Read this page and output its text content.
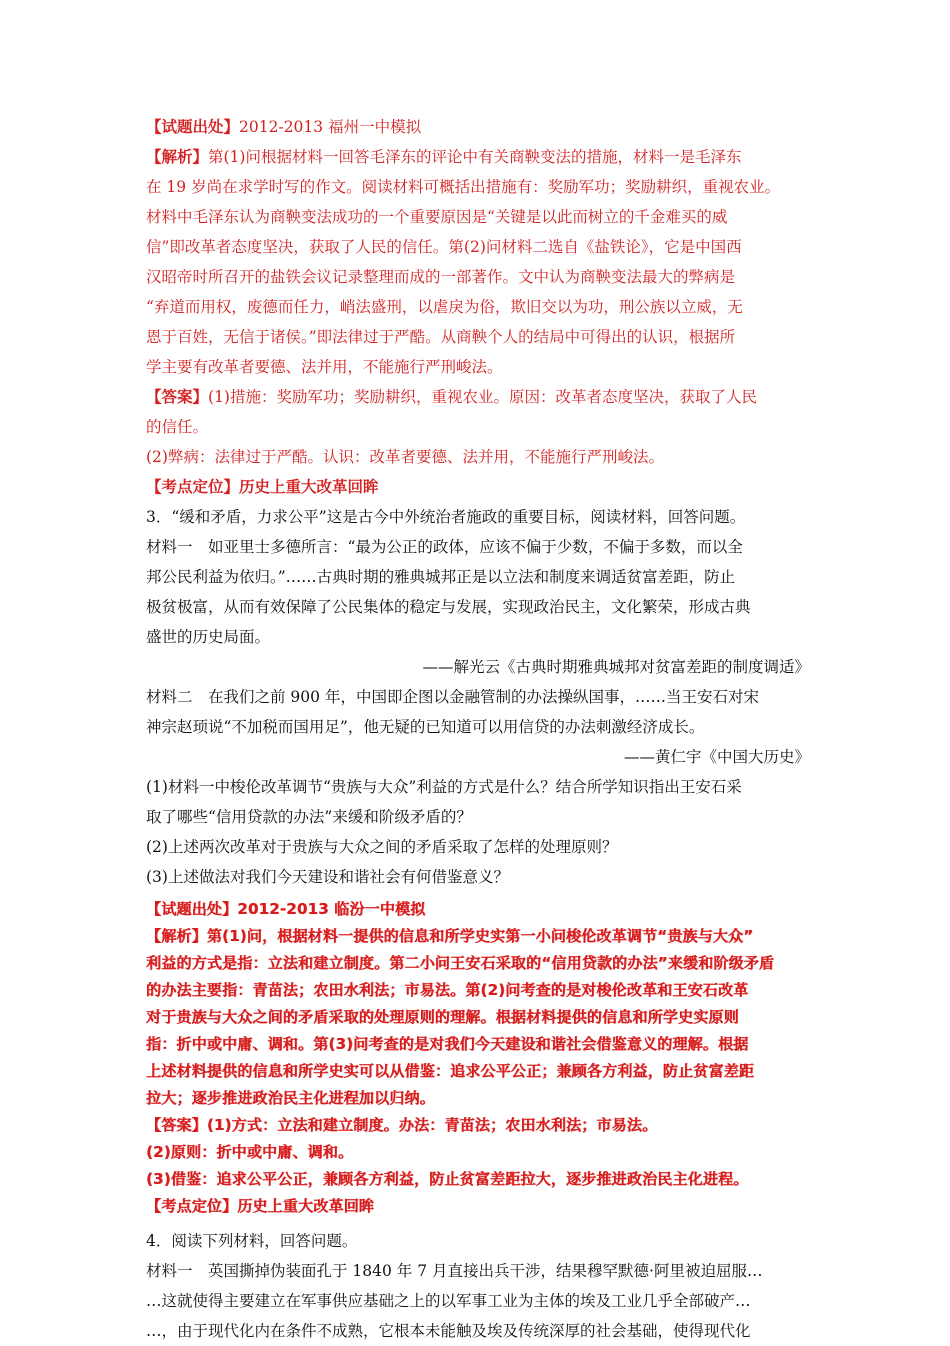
【试题出处】2012-2013 福州一中模拟
【解析】第(1)问根据材料一回答毛泽东的评论中有关商鞅变法的措施，材料一是毛泽东
在 19 岁尚在求学时写的作文。阅读材料可概括出措施有：奖励军功；奖励耕织，重视农业。
材料中毛泽东认为商鞅变法成功的一个重要原因是“关键是以此而树立的千金难买的威
信”即改革者态度坚决，获取了人民的信任。第(2)问材料二选自《盐铁论》，它是中国西
汉昭帝时所召开的盐铁会议记录整理而成的一部著作。文中认为商鞅变法最大的弊病是
“弃道而用权，废德而任力，峭法盛刑，以虐戾为俗，欺旧交以为功，刑公族以立威，无
恩于百姓，无信于诸侯。”即法律过于严酷。从商鞅个人的结局中可得出的认识，根据所
学主要有改革者要德、法并用，不能施行严刑峻法。
【答案】(1)措施：奖励军功；奖励耕织，重视农业。原因：改革者态度坚决，获取了人民
的信任。
(2)弊病：法律过于严酷。认识：改革者要德、法并用，不能施行严刑峻法。
【考点定位】历史上重大改革回眸
3．“缓和矛盾，力求公平”这是古今中外统治者施政的重要目标，阅读材料，回答问题。
材料一　如亚里士多德所言：“最为公正的政体，应该不偏于少数，不偏于多数，而以全
邦公民利益为依归。”……古典时期的雅典城邦正是以立法和制度来调适贫富差距，防止
极贫极富，从而有效保障了公民集体的稳定与发展，实现政治民主，文化繁荣，形成古典
盛世的历史局面。
——解光云《古典时期雅典城邦对贫富差距的制度调适》
材料二　在我们之前 900 年，中国即企图以金融管制的办法操纵国事，……当王安石对宋
神宗赵顼说“不加税而国用足”，他无疑的已知道可以用信贷的办法刺激经济成长。
——黄仁宇《中国大历史》
(1)材料一中梭伦改革调节“贵族与大众”利益的方式是什么？结合所学知识指出王安石采
取了哪些“信用贷款的办法”来缓和阶级矛盾的？
(2)上述两次改革对于贵族与大众之间的矛盾采取了怎样的处理原则？
(3)上述做法对我们今天建设和谐社会有何借鉴意义？
【试题出处】2012-2013 临汾一中模拟
【解析】第(1)问，根据材料一提供的信息和所学史实第一小问梭伦改革调节“贵族与大众”
利益的方式是指：立法和建立制度。第二小问王安石采取的“信用贷款的办法”来缓和阶级矛盾
的办法主要指：青苗法；农田水利法；市易法。第(2)问考查的是对梭伦改革和王安石改革
对于贵族与大众之间的矛盾采取的处理原则的理解。根据材料提供的信息和所学史实原则
指：折中或中庸、调和。第(3)问考查的是对我们今天建设和谐社会借鉴意义的理解。根据
上述材料提供的信息和所学史实可以从借鉴：追求公平公正；兼顾各方利益，防止贫富差距
拉大；逐步推进政治民主化进程加以归纳。
【答案】(1)方式：立法和建立制度。办法：青苗法；农田水利法；市易法。
(2)原则：折中或中庸、调和。
(3)借鉴：追求公平公正，兼顾各方利益，防止贫富差距拉大，逐步推进政治民主化进程。
【考点定位】历史上重大改革回眸
4．阅读下列材料，回答问题。
材料一　英国撕掉伪装面孔于 1840 年 7 月直接出兵干涉，结果穆罕默德·阿里被迫屈服…
…这就使得主要建立在军事供应基础之上的以军事工业为主体的埃及工业几乎全部破产…
…，由于现代化内在条件不成熟，它根本未能触及埃及传统深厚的社会基础，使得现代化
